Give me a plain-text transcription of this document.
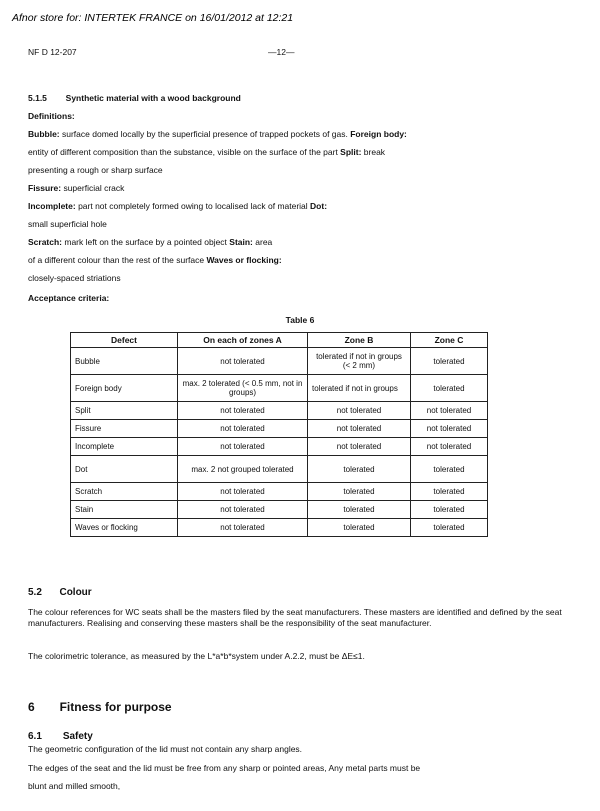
Afnor store for: INTERTEK FRANCE on 16/01/2012 at 12:21
NF D 12-207	—12—
5.1.5 Synthetic material with a wood background
Definitions:
Bubble: surface domed locally by the superficial presence of trapped pockets of gas. Foreign body:
entity of different composition than the substance, visible on the surface of the part Split: break
presenting a rough or sharp surface
Fissure: superficial crack
Incomplete: part not completely formed owing to localised lack of material Dot:
small superficial hole
Scratch: mark left on the surface by a pointed object Stain: area
of a different colour than the rest of the surface Waves or flocking:
closely-spaced striations
Acceptance criteria:
Table 6
Defect	On each of zones A	Zone B	Zone C
Bubble	not tolerated	tolerated if not in groups (< 2 mm)	tolerated
Foreign body	max. 2 tolerated (< 0.5 mm, not in groups)	tolerated if not in groups	tolerated
Split	not tolerated	not tolerated	not tolerated
Fissure	not tolerated	not tolerated	not tolerated
Incomplete	not tolerated	not tolerated	not tolerated
Dot	max. 2 not grouped tolerated	tolerated	tolerated
Scratch	not tolerated	tolerated	tolerated
Stain	not tolerated	tolerated	tolerated
Waves or flocking	not tolerated	tolerated	tolerated
5.2 Colour
The colour references for WC seats shall be the masters filed by the seat manufacturers. These masters are identified and defined by the seat manufacturers. Realising and conserving these masters shall be the responsibility of the seat manufacturer.
The colorimetric tolerance, as measured by the L*a*b*system under A.2.2, must be ΔE≤1.
6 Fitness for purpose
6.1 Safety
The geometric configuration of the lid must not contain any sharp angles.
The edges of the seat and the lid must be free from any sharp or pointed areas, Any metal parts must be
blunt and milled smooth,
